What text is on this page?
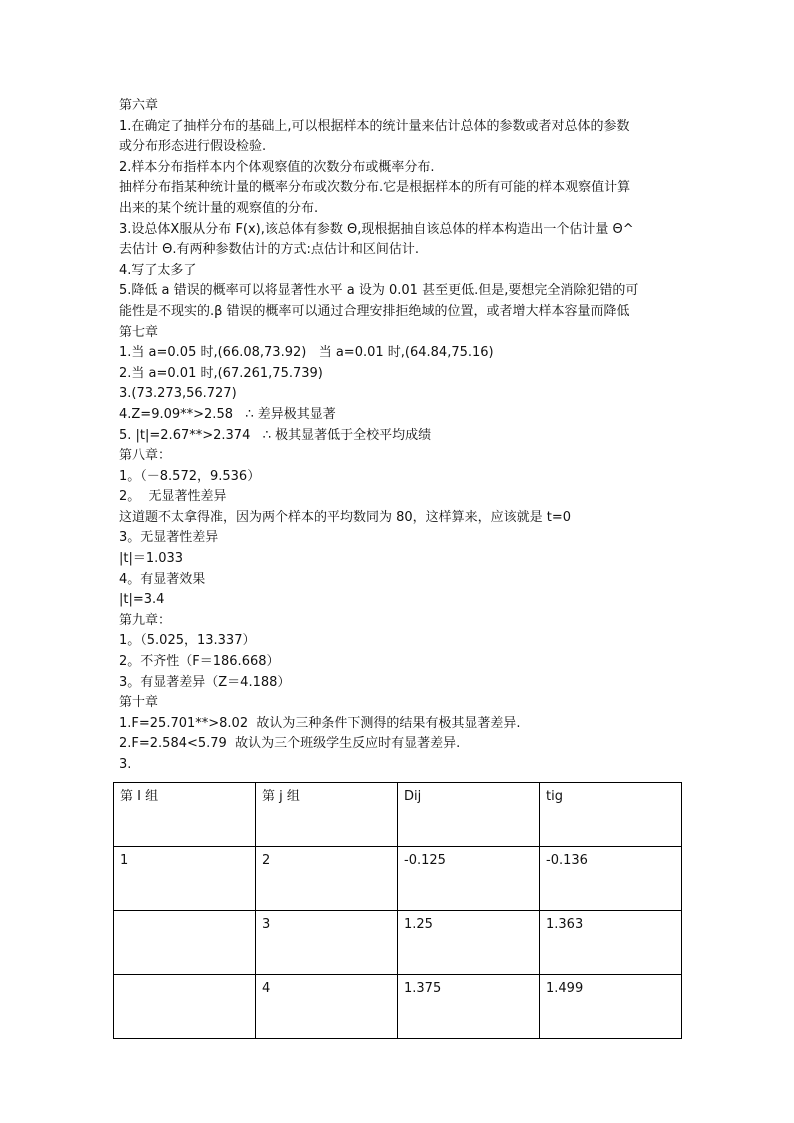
第六章

1.在确定了抽样分布的基础上,可以根据样本的统计量来估计总体的参数或者对总体的参数

或分布形态进行假设检验.

2.样本分布指样本内个体观察值的次数分布或概率分布.

抽样分布指某种统计量的概率分布或次数分布.它是根据样本的所有可能的样本观察值计算

出来的某个统计量的观察值的分布.

3.设总体X服从分布 F(x),该总体有参数 Θ,现根据抽自该总体的样本构造出一个估计量 Θ^

去估计 Θ.有两种参数估计的方式:点估计和区间估计.

4.写了太多了

5.降低 a 错误的概率可以将显著性水平 a 设为 0.01 甚至更低.但是,要想完全消除犯错的可

能性是不现实的.β 错误的概率可以通过合理安排拒绝域的位置，或者增大样本容量而降低

第七章

1.当 a=0.05 时,(66.08,73.92)   当 a=0.01 时,(64.84,75.16)

2.当 a=0.01 时,(67.261,75.739)

3.(73.273,56.727)

4.Z=9.09**>2.58   ∴ 差异极其显著

5. |t|=2.67**>2.374   ∴ 极其显著低于全校平均成绩

第八章：

1。（－8.572，9.536）

2。  无显著性差异

这道题不太拿得准，因为两个样本的平均数同为 80，这样算来，应该就是 t=0

3。无显著性差异

|t|＝1.033

4。有显著效果

|t|=3.4

第九章：

1。（5.025，13.337）

2。不齐性（F＝186.668）

3。有显著差异（Z＝4.188）

第十章

1.F=25.701**>8.02  故认为三种条件下测得的结果有极其显著差异.

2.F=2.584<5.79  故认为三个班级学生反应时有显著差异.

3.

第 I 组	第 j 组	Dij	tig
1	2	-0.125	-0.136
	3	1.25	1.363
	4	1.375	1.499
